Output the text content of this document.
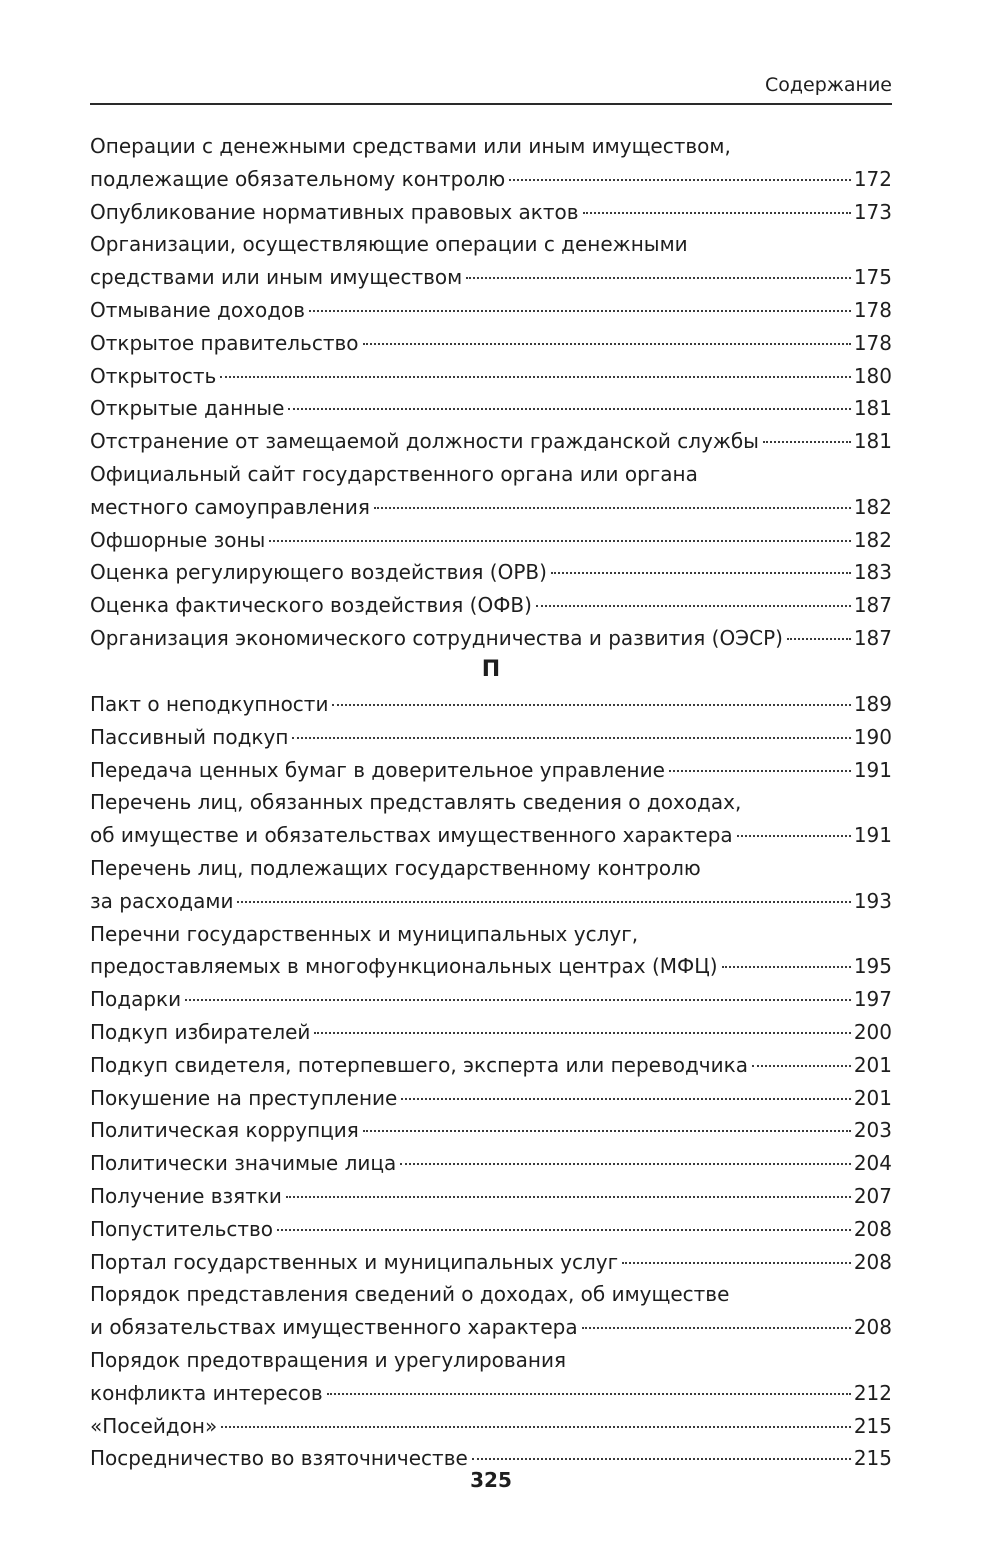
Содержание
Операции с денежными средствами или иным имуществом,
подлежащие обязательному контролю	172
Опубликование нормативных правовых актов	173
Организации, осуществляющие операции с денежными
средствами или иным имуществом	175
Отмывание доходов	178
Открытое правительство	178
Открытость	180
Открытые данные	181
Отстранение от замещаемой должности гражданской службы	181
Официальный сайт государственного органа или органа
местного самоуправления	182
Офшорные зоны	182
Оценка регулирующего воздействия (ОРВ)	183
Оценка фактического воздействия (ОФВ)	187
Организация экономического сотрудничества и развития (ОЭСР)	187
П
Пакт о неподкупности	189
Пассивный подкуп	190
Передача ценных бумаг в доверительное управление	191
Перечень лиц, обязанных представлять сведения о доходах,
об имуществе и обязательствах имущественного характера	191
Перечень лиц, подлежащих государственному контролю
за расходами	193
Перечни государственных и муниципальных услуг,
предоставляемых в многофункциональных центрах (МФЦ)	195
Подарки	197
Подкуп избирателей	200
Подкуп свидетеля, потерпевшего, эксперта или переводчика	201
Покушение на преступление	201
Политическая коррупция	203
Политически значимые лица	204
Получение взятки	207
Попустительство	208
Портал государственных и муниципальных услуг	208
Порядок представления сведений о доходах, об имуществе
и обязательствах имущественного характера	208
Порядок предотвращения и урегулирования
конфликта интересов	212
«Посейдон»	215
Посредничество во взяточничестве	215
325
